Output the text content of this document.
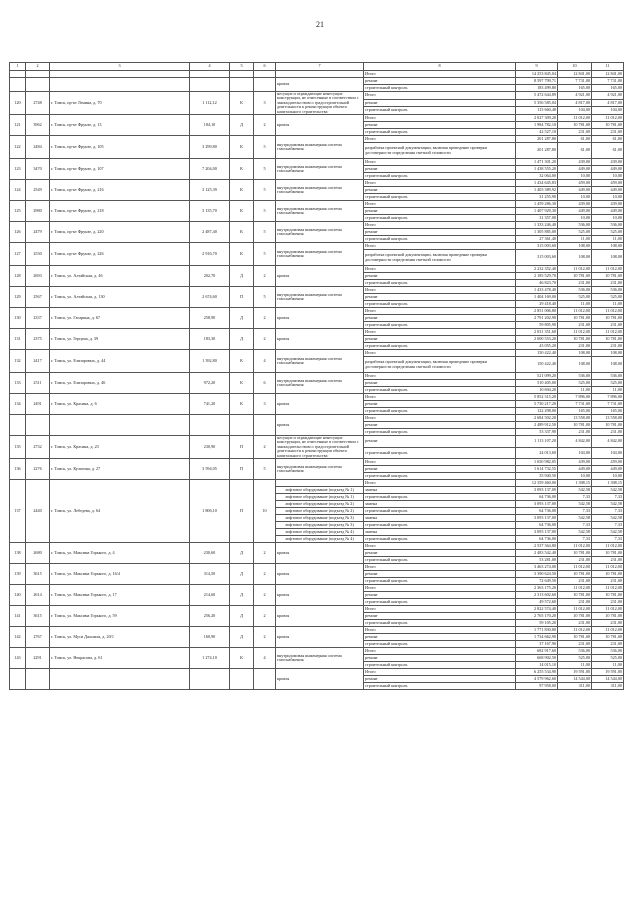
21
1	2	3	4	5	6	7	8	9	10	11
							Итого	14 253 845,04	12 841,00	12 841,00
						кровля	ремонт	8 597 799,71	7 731,00	7 731,00
							строительный контроль	183 499,80	165,00	165,00
120	2748	г. Томск, пр-кт Ленина, д. 70	1 112,12	К	3	несущие и ограждающие ненесущие конструкции, не отнесенные в соответствии с законодательством о градостроительной деятельности к реконструкции объекта капитального строительства	Итого	5 472 644,89	4 921,00	4 921,00
							ремонт	5 356 585,04	4 817,00	4 817,00
							строительный контроль	115 660,48	104,00	104,00
121	3962	г. Томск, пр-кт Фрунзе, д. 13	184,10	Д	2	кровля	Итого	2 027 309,20	11 012,00	11 012,00
							ремонт	1 984 782,10	10 781,00	10 781,00
							строительный контроль	42 527,10	231,00	231,00
122	2484	г. Томск, пр-кт Фрунзе, д. 105	3 299,80	К	5	внутридомовая инженерная система газоснабжения	Итого	201 287,80	61,00	61,00
							разработка проектной документации, включая проведение проверки достоверности определения сметной стоимости	201 287,80	61,00	61,00
123	3470	г. Томск, пр-кт Фрунзе, д. 107	7 204,00	К	5	внутридомовая инженерная система газоснабжения	Итого	1 471 301,20	439,00	439,00
							ремонт	1 438 555,20	449,00	449,00
							строительный контроль	32 064,00	10,00	10,00
124	2549	г. Томск, пр-кт Фрунзе, д. 216	3 125,39	К	5	внутридомовая инженерная система газоснабжения	Итого	1 434 645,83	459,00	459,00
							ремонт	1 403 389,92	449,00	449,00
							строительный контроль	31 255,90	10,00	10,00
125	2980	г. Томск, пр-кт Фрунзе, д. 218	3 135,70	К	5	внутридомовая инженерная система газоснабжения	Итого	1 459 286,30	439,00	439,00
							ремонт	1 407 929,30	449,00	449,00
							строительный контроль	31 357,00	10,00	10,00
126	2479	г. Томск, пр-кт Фрунзе, д. 220	2 487,40	К	5	внутридомовая инженерная система газоснабжения	Итого	1 333 246,40	536,00	536,00
							ремонт	1 305 885,00	525,00	525,00
							строительный контроль	27 361,40	11,00	11,00
127	2530	г. Томск, пр-кт Фрунзе, д. 226	2 916,70	К	5	внутридомовая инженерная система газоснабжения	Итого	315 003,60	108,00	108,00
							разработка проектной документации, включая проведение проверки достоверности определения сметной стоимости	315 003,60	108,00	108,00
128	2693	г. Томск, ул. Алтайская, д. 46	202,70	Д	2	кровля	Итого	2 232 352,40	11 012,00	11 012,00
							ремонт	2 185 529,70	10 781,00	10 781,00
							строительный контроль	46 823,70	231,00	231,00
129	2567	г. Томск, ул. Алтайская, д. 130	2 674,60	П	5	внутридомовая инженерная система газоснабжения	Итого	1 433 478,40	536,00	536,00
							ремонт	1 404 169,00	525,00	525,00
							строительный контроль	29 418,40	11,00	11,00
130	2337	г. Томск, ул. Гагарина, д. 67	258,90	Д	2	кровля	Итого	2 851 006,80	11 012,00	11 012,00
							ремонт	2 791 202,90	10 781,00	10 781,00
							строительный контроль	59 805,90	231,00	231,00
131	2375	г. Томск, ул. Герцена, д. 39	183,30	Д	2	кровля	Итого	2 031 351,60	11 012,00	11 012,00
							ремонт	2 000 553,20	10 781,00	10 781,00
							строительный контроль	43 055,20	231,00	231,00
132	2417	г. Томск, ул. Елизаровых, д. 44	1 392,80	К	4	внутридомовая инженерная система газоснабжения	Итого	150 422,40	108,00	108,00
							разработка проектной документации, включая проведение проверки достоверности определения сметной стоимости	150 422,40	108,00	108,00
133	2511	г. Томск, ул. Елизаровых, д. 46	972,20	К	6	внутридомовая инженерная система газоснабжения	Итого	521 099,20	536,00	536,00
							ремонт	510 405,00	525,00	525,00
							строительный контроль	10 694,20	11,00	11,00
134	2491	г. Томск, ул. Красина, д. 6	741,20	К	3	кровля	Итого	5 852 315,20	7 896,00	7 896,00
							ремонт	5 730 217,20	7 731,00	7 731,00
							строительный контроль	122 298,00	165,00	165,00
						кровля	Итого	2 684 502,20	13 558,00	13 558,00
							ремонт	2 489 912,50	10 781,00	10 781,00
							строительный контроль	53 337,90	231,00	231,00
135	2732	г. Томск, ул. Красина, д. 23	230,90	П	2	несущие и ограждающие ненесущие конструкции, не отнесенные в соответствии с законодательством о градостроительной деятельности к реконструкции объекта капитального строительства	ремонт	1 113 107,20	4 842,00	4 842,00
							строительный контроль	24 013,60	104,00	104,00
136	2276	г. Томск, ул. Кулагина, д. 27	3 594,05	П	5	внутридомовая инженерная система газоснабжения	Итого	1 650 982,05	439,00	459,00
							ремонт	1 614 732,55	449,00	449,00
							строительный контроль	35 940,50	10,00	10,00
137	2440	г. Томск, ул. Лебедева, д. 64	1 806,10	П	10		Итого	12 359 460,00	1 398,15	1 398,15
						лифтовое оборудование (подъезд № 1)	замена	3 093 137,00	542,58	542,58
						лифтовое оборудование (подъезд № 1)	строительный контроль	64 736,00	7,33	7,33
						лифтовое оборудование (подъезд № 2)	замена	3 093 137,00	542,58	542,58
						лифтовое оборудование (подъезд № 2)	строительный контроль	64 736,00	7,33	7,33
						лифтовое оборудование (подъезд № 3)	замена	3 093 137,00	542,58	542,58
						лифтовое оборудование (подъезд № 3)	строительный контроль	64 736,00	7,33	7,33
						лифтовое оборудование (подъезд № 4)	замена	3 093 137,00	542,58	542,58
						лифтовое оборудование (подъезд № 4)	строительный контроль	64 736,00	7,33	7,33
138	2680	г. Томск, ул. Максима Горького, д. 4	230,60	Д	2	кровля	Итого	2 537 364,80	11 012,00	11 012,00
							ремонт	2 483 542,40	10 781,00	10 781,00
							строительный контроль	53 281,00	231,00	231,00
139	3615	г. Томск, ул. Максима Горького, д. 16/4	314,50	Д	2	кровля	Итого	3 463 274,00	11 012,00	11 012,00
							ремонт	3 390 624,50	10 781,00	10 781,00
							строительный контроль	72 649,50	231,00	231,00
140	2614	г. Томск, ул. Максима Горького, д. 17	214,60	Д	2	кровля	Итого	2 363 175,20	11 012,00	11 012,00
							ремонт	2 313 602,60	10 781,00	10 781,00
							строительный контроль	49 572,60	231,00	231,00
141	3615	г. Томск, ул. Максима Горького, д. 59	256,20	Д	2	кровля	Итого	2 822 574,40	11 012,00	11 012,00
							ремонт	2 765 170,20	10 781,00	10 781,00
							строительный контроль	59 105,20	231,00	231,00
142	2767	г. Томск, ул. Муси Джалиля, д. 20/1	160,90	Д	2	кровля	Итого	1 771 830,80	11 012,00	11 012,00
							ремонт	1 734 662,90	10 781,00	10 781,00
							строительный контроль	37 167,90	231,00	231,00
143	2291	г. Томск, ул. Некрасова, д. 61	1 274,10	К	4	внутридомовая инженерная система газоснабжения	Итого	682 917,60	536,00	536,00
							ремонт	668 902,50	525,00	525,00
							строительный контроль	14 015,10	11,00	11,00
						кровля	Итого	6 255 534,90	19 591,00	19 591,00
							ремонт	4 579 962,60	14 544,00	14 544,00
							строительный контроль	97 958,00	311,00	311,00
